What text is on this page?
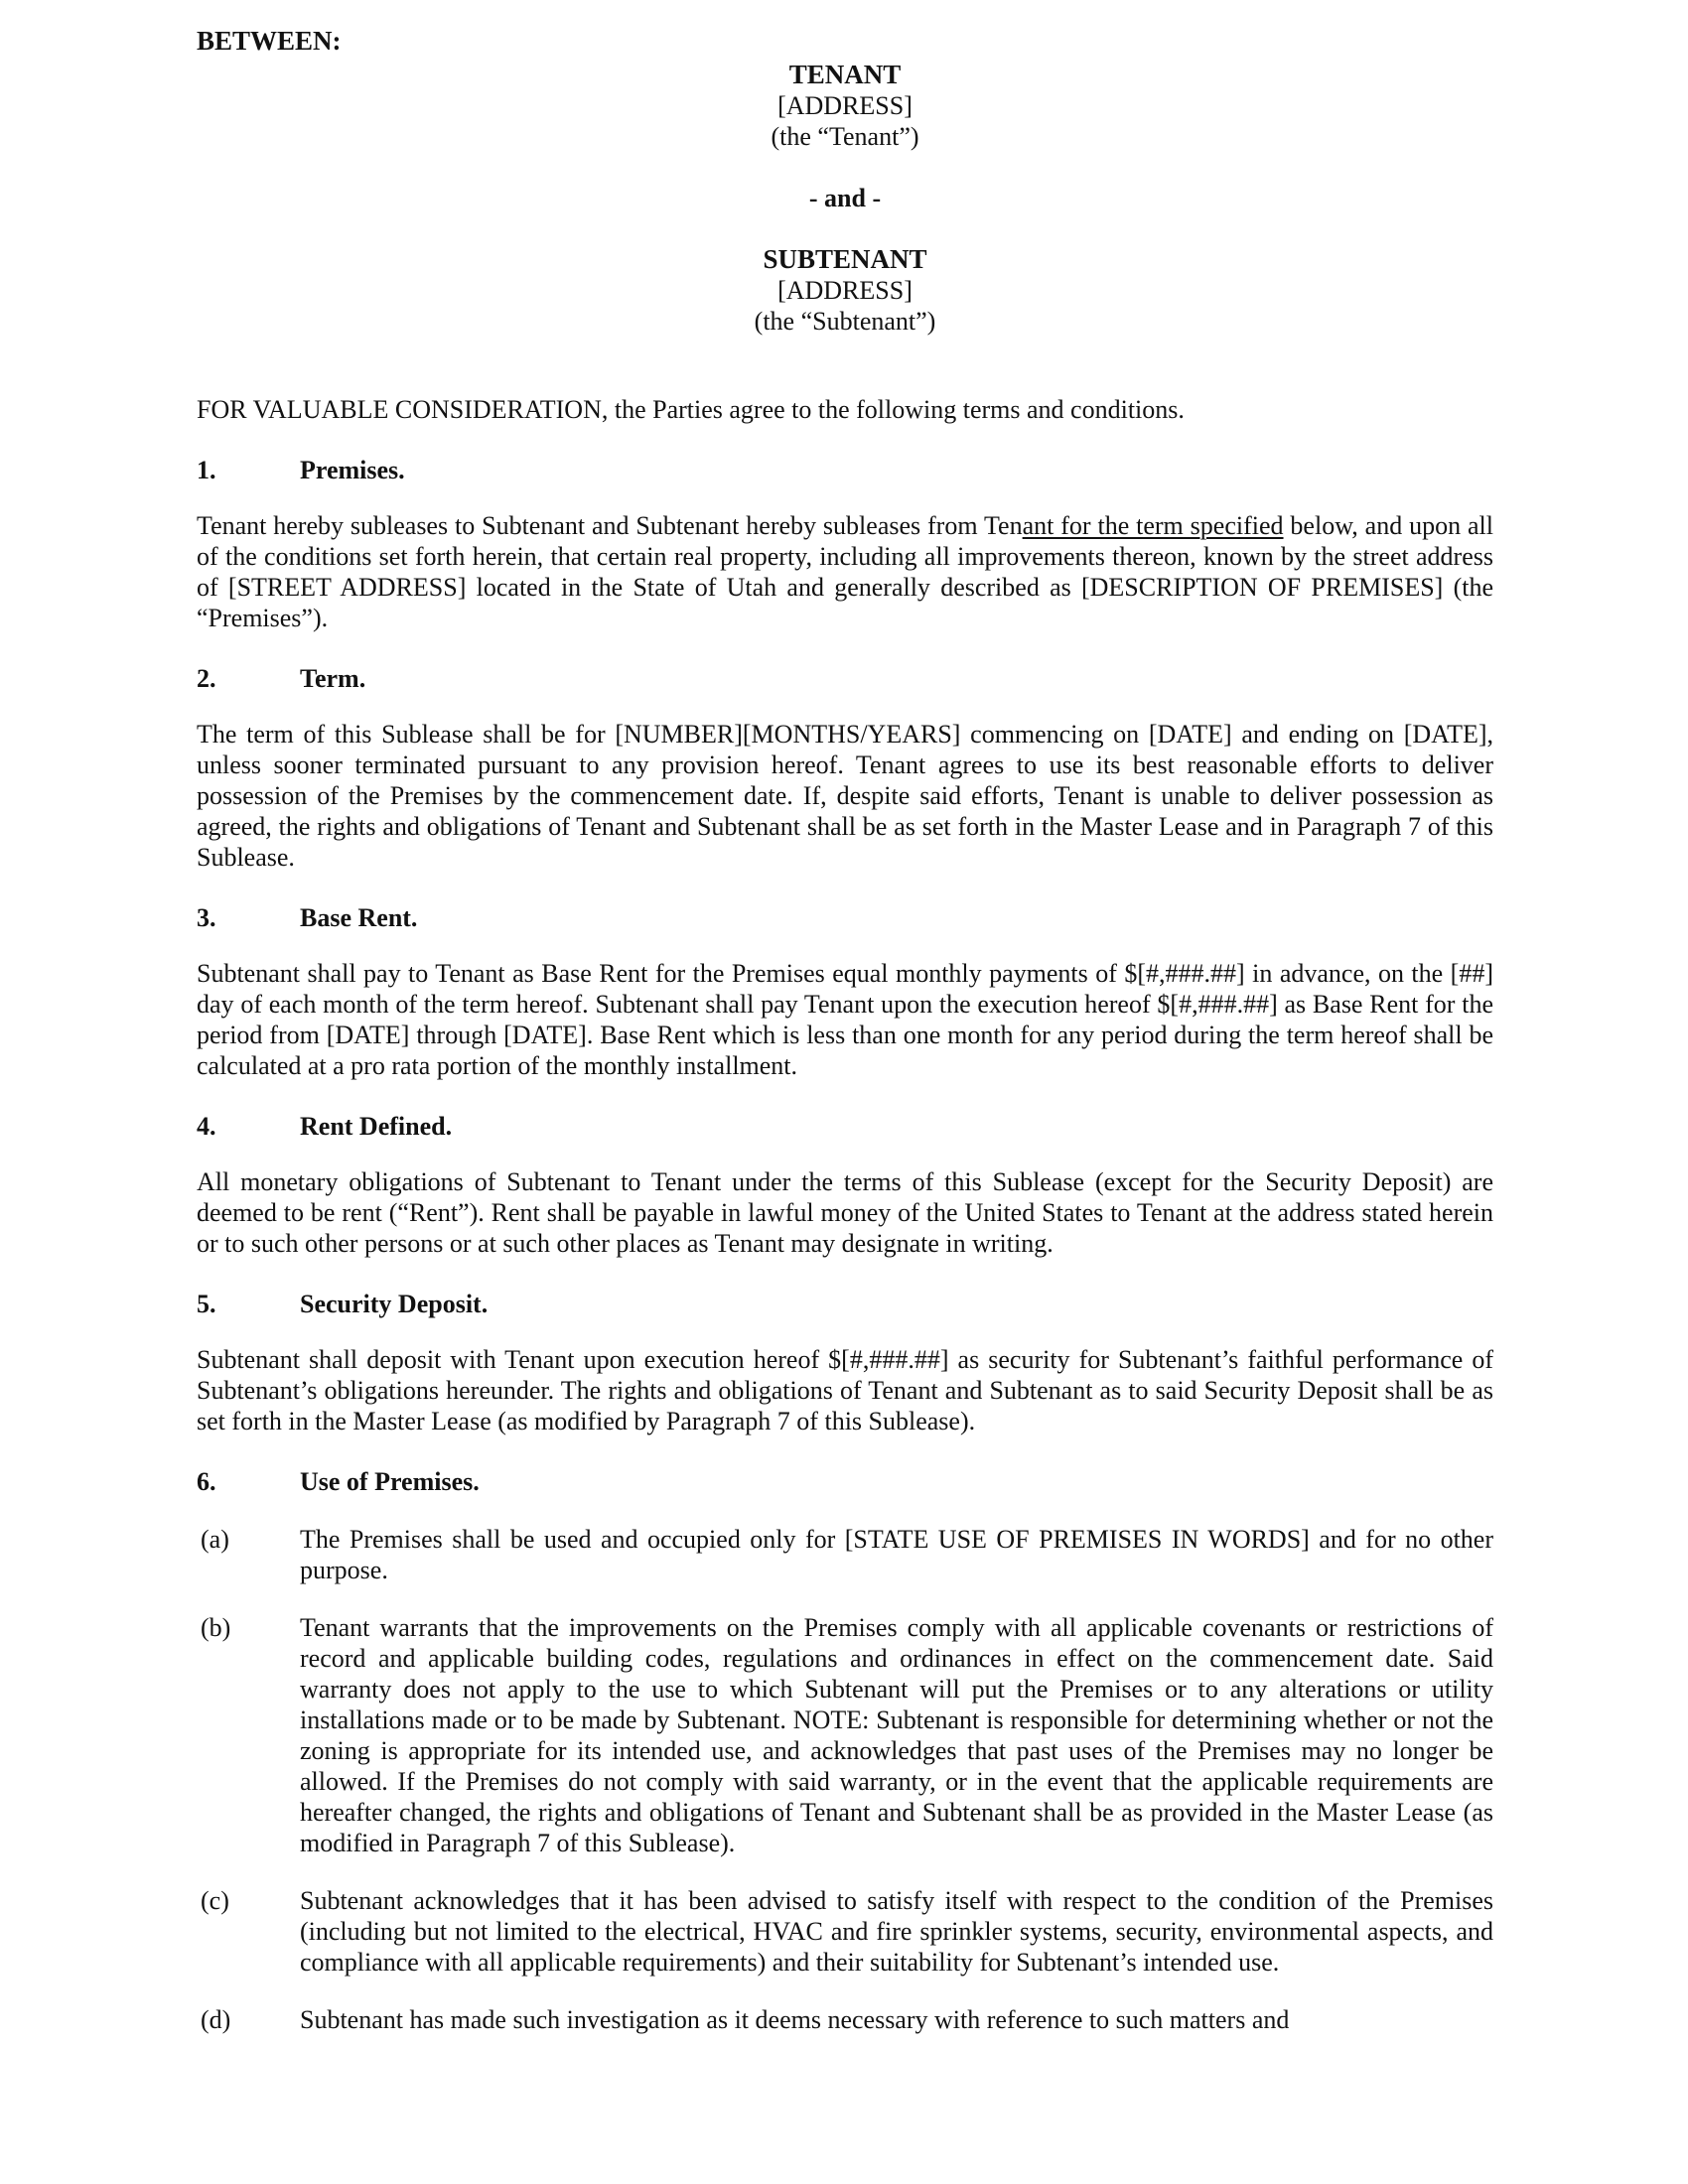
BETWEEN:
TENANT
[ADDRESS]
(the “Tenant”)
- and -
SUBTENANT
[ADDRESS]
(the “Subtenant”)

FOR VALUABLE CONSIDERATION, the Parties agree to the following terms and conditions.

1.	Premises.

Tenant hereby subleases to Subtenant and Subtenant hereby subleases from Tenant for the term specified below, and upon all of the conditions set forth herein, that certain real property, including all improvements thereon, known by the street address of [STREET ADDRESS] located in the State of Utah and generally described as [DESCRIPTION OF PREMISES] (the “Premises”).

2.	Term.

The term of this Sublease shall be for [NUMBER][MONTHS/YEARS] commencing on [DATE] and ending on [DATE], unless sooner terminated pursuant to any provision hereof. Tenant agrees to use its best reasonable efforts to deliver possession of the Premises by the commencement date. If, despite said efforts, Tenant is unable to deliver possession as agreed, the rights and obligations of Tenant and Subtenant shall be as set forth in the Master Lease and in Paragraph 7 of this Sublease.

3.	Base Rent.

Subtenant shall pay to Tenant as Base Rent for the Premises equal monthly payments of $[#,###.##] in advance, on the [##] day of each month of the term hereof. Subtenant shall pay Tenant upon the execution hereof $[#,###.##] as Base Rent for the period from [DATE] through [DATE]. Base Rent which is less than one month for any period during the term hereof shall be calculated at a pro rata portion of the monthly installment.

4.	Rent Defined.

All monetary obligations of Subtenant to Tenant under the terms of this Sublease (except for the Security Deposit) are deemed to be rent (“Rent”). Rent shall be payable in lawful money of the United States to Tenant at the address stated herein or to such other persons or at such other places as Tenant may designate in writing.

5.	Security Deposit.

Subtenant shall deposit with Tenant upon execution hereof $[#,###.##] as security for Subtenant’s faithful performance of Subtenant’s obligations hereunder. The rights and obligations of Tenant and Subtenant as to said Security Deposit shall be as set forth in the Master Lease (as modified by Paragraph 7 of this Sublease).

6.	Use of Premises.
(a)	The Premises shall be used and occupied only for [STATE USE OF PREMISES IN WORDS] and for no other purpose.
(b)	Tenant warrants that the improvements on the Premises comply with all applicable covenants or restrictions of record and applicable building codes, regulations and ordinances in effect on the commencement date. Said warranty does not apply to the use to which Subtenant will put the Premises or to any alterations or utility installations made or to be made by Subtenant. NOTE: Subtenant is responsible for determining whether or not the zoning is appropriate for its intended use, and acknowledges that past uses of the Premises may no longer be allowed. If the Premises do not comply with said warranty, or in the event that the applicable requirements are hereafter changed, the rights and obligations of Tenant and Subtenant shall be as provided in the Master Lease (as modified in Paragraph 7 of this Sublease).
(c)	Subtenant acknowledges that it has been advised to satisfy itself with respect to the condition of the Premises (including but not limited to the electrical, HVAC and fire sprinkler systems, security, environmental aspects, and compliance with all applicable requirements) and their suitability for Subtenant’s intended use.
(d)	Subtenant has made such investigation as it deems necessary with reference to such matters and
